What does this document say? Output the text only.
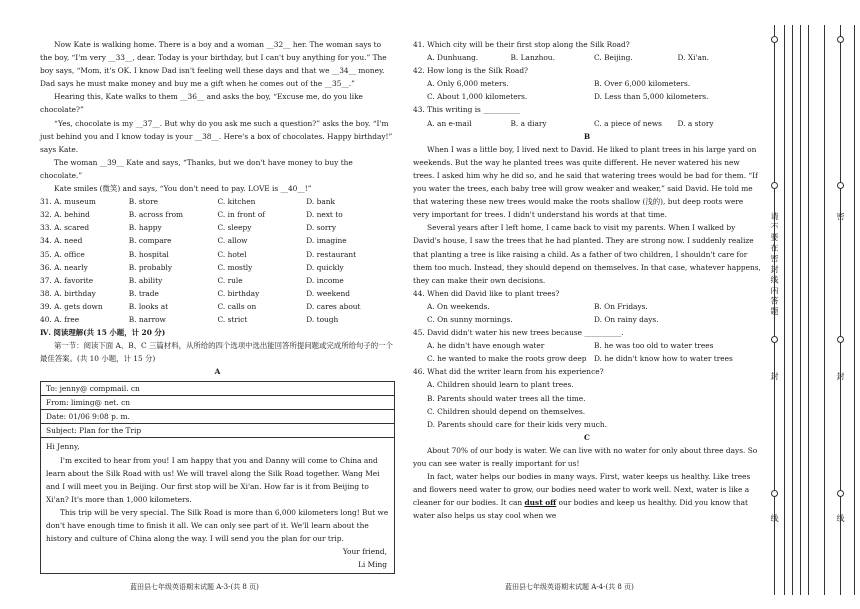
Now Kate is walking home. There is a boy and a woman __32__ her. The woman says to the boy, “I'm very __33__, dear. Today is your birthday, but I can't buy anything for you.” The boy says, “Mom, it's OK. I know Dad isn't feeling well these days and that we __34__ money. Dad says he must make money and buy me a gift when he comes out of the __35__.”

Hearing this, Kate walks to them __36__ and asks the boy, “Excuse me, do you like chocolate?”

“Yes, chocolate is my __37__. But why do you ask me such a question?” asks the boy. “I'm just behind you and I know today is your __38__. Here's a box of chocolates. Happy birthday!” says Kate.

The woman __39__ Kate and says, “Thanks, but we don't have money to buy the chocolate.”

Kate smiles (微笑) and says, “You don't need to pay. LOVE is __40__!”

31. A. museum	B. store	C. kitchen	D. bank
32. A. behind	B. across from	C. in front of	D. next to
33. A. scared	B. happy	C. sleepy	D. sorry
34. A. need	B. compare	C. allow	D. imagine
35. A. office	B. hospital	C. hotel	D. restaurant
36. A. nearly	B. probably	C. mostly	D. quickly
37. A. favorite	B. ability	C. rule	D. income
38. A. birthday	B. trade	C. birthday	D. weekend
39. A. gets down	B. looks at	C. calls on	D. cares about
40. A. free	B. narrow	C. strict	D. tough

Ⅳ. 阅读理解(共 15 小题，计 20 分)

第一节：阅读下面 A、B、C 三篇材料，从所给的四个选项中选出能回答所提问题或完成所给句子的一个最佳答案。(共 10 小题，计 15 分)

A

To: jenny@ compmail. cn
From: liming@ net. cn
Date: 01/06 9:08 p. m.
Subject: Plan for the Trip

Hi Jenny,

I'm excited to hear from you! I am happy that you and Danny will come to China and learn about the Silk Road with us! We will travel along the Silk Road together. Wang Mei and I will meet you in Beijing. Our first stop will be Xi'an. How far is it from Beijing to Xi'an? It's more than 1,000 kilometers.

This trip will be very special. The Silk Road is more than 6,000 kilometers long! But we don't have enough time to finish it all. We can only see part of it. We'll learn about the history and culture of China along the way. I will send you the plan for our trip.

Your friend,

Li Ming

41. Which city will be their first stop along the Silk Road?

A. Dunhuang.	B. Lanzhou.	C. Beijing.	D. Xi'an.

42. How long is the Silk Road?

A. Only 6,000 meters.	B. Over 6,000 kilometers.
C. About 1,000 kilometers.	D. Less than 5,000 kilometers.

43. This writing is __________

A. an e-mail	B. a diary	C. a piece of news	D. a story

B

When I was a little boy, I lived next to David. He liked to plant trees in his large yard on weekends. But the way he planted trees was quite different. He never watered his new trees. I asked him why he did so, and he said that watering trees would be bad for them. “If you water the trees, each baby tree will grow weaker and weaker,” said David. He told me that watering these new trees would make the roots shallow (浅的), but deep roots were very important for trees. I didn't understand his words at that time.

Several years after I left home, I came back to visit my parents. When I walked by David's house, I saw the trees that he had planted. They are strong now. I suddenly realize that planting a tree is like raising a child. As a father of two children, I shouldn't care for them too much. Instead, they should depend on themselves. In that case, whatever happens, they can make their own decisions.

44. When did David like to plant trees?

A. On weekends.	B. On Fridays.
C. On sunny mornings.	D. On rainy days.

45. David didn't water his new trees because __________.

A. he didn't have enough water	B. he was too old to water trees
C. he wanted to make the roots grow deep	D. he didn't know how to water trees

46. What did the writer learn from his experience?

A. Children should learn to plant trees.

B. Parents should water trees all the time.

C. Children should depend on themselves.

D. Parents should care for their kids very much.

C

About 70% of our body is water. We can live with no water for only about three days. So you can see water is really important for us!

In fact, water helps our bodies in many ways. First, water keeps us healthy. Like trees and flowers need water to grow, our bodies need water to work well. Next, water is like a cleaner for our bodies. It can dust off our bodies and keep us healthy. Did you know that water also helps us stay cool when we

蓝田县七年级英语期末试题 A-3-(共 8 页)	蓝田县七年级英语期末试题 A-4-(共 8 页)
请 不 要 在 密 封 线 内 答 题
封
线
密
封
线
